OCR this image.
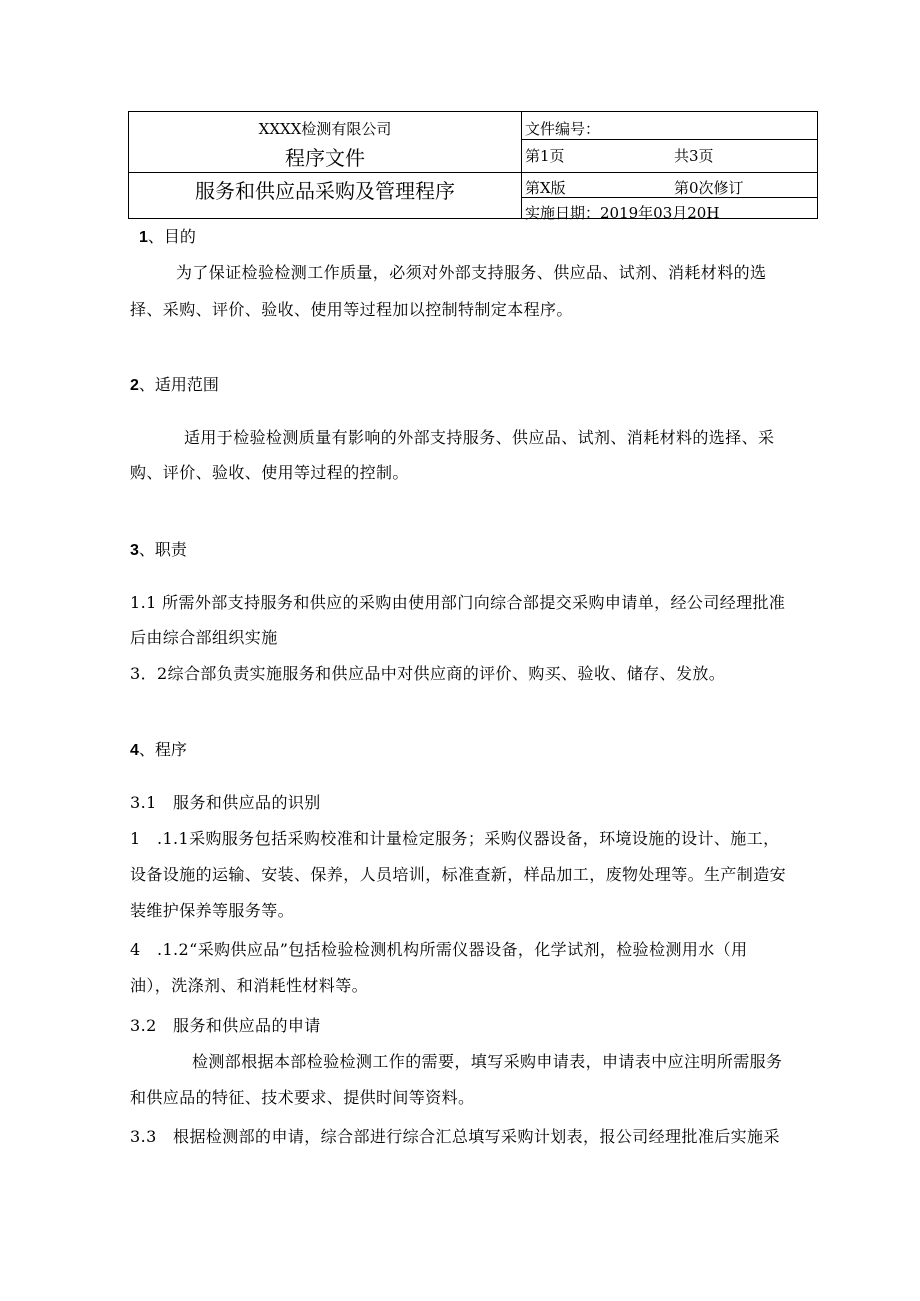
XXXX检测有限公司
程序文件
服务和供应品采购及管理程序
文件编号：
第1页	共3页
第X版	第0次修订
实施日期：2019年03月20H
1、目的
为了保证检验检测工作质量，必须对外部支持服务、供应品、试剂、消耗材料的选
择、采购、评价、验收、使用等过程加以控制特制定本程序。
2、适用范围
适用于检验检测质量有影响的外部支持服务、供应品、试剂、消耗材料的选择、采
购、评价、验收、使用等过程的控制。
3、职责
1.1 所需外部支持服务和供应的采购由使用部门向综合部提交采购申请单，经公司经理批准
后由综合部组织实施
3．2综合部负责实施服务和供应品中对供应商的评价、购买、验收、储存、发放。
4、程序
3.1　服务和供应品的识别
1　.1.1采购服务包括采购校准和计量检定服务；采购仪器设备，环境设施的设计、施工，
设备设施的运输、安装、保养，人员培训，标准查新，样品加工，废物处理等。生产制造安
装维护保养等服务等。
4　.1.2“采购供应品”包括检验检测机构所需仪器设备，化学试剂，检验检测用水（用
油），洗涤剂、和消耗性材料等。
3.2　服务和供应品的申请
检测部根据本部检验检测工作的需要，填写采购申请表，申请表中应注明所需服务
和供应品的特征、技术要求、提供时间等资料。
3.3　根据检测部的申请，综合部进行综合汇总填写采购计划表，报公司经理批准后实施采
